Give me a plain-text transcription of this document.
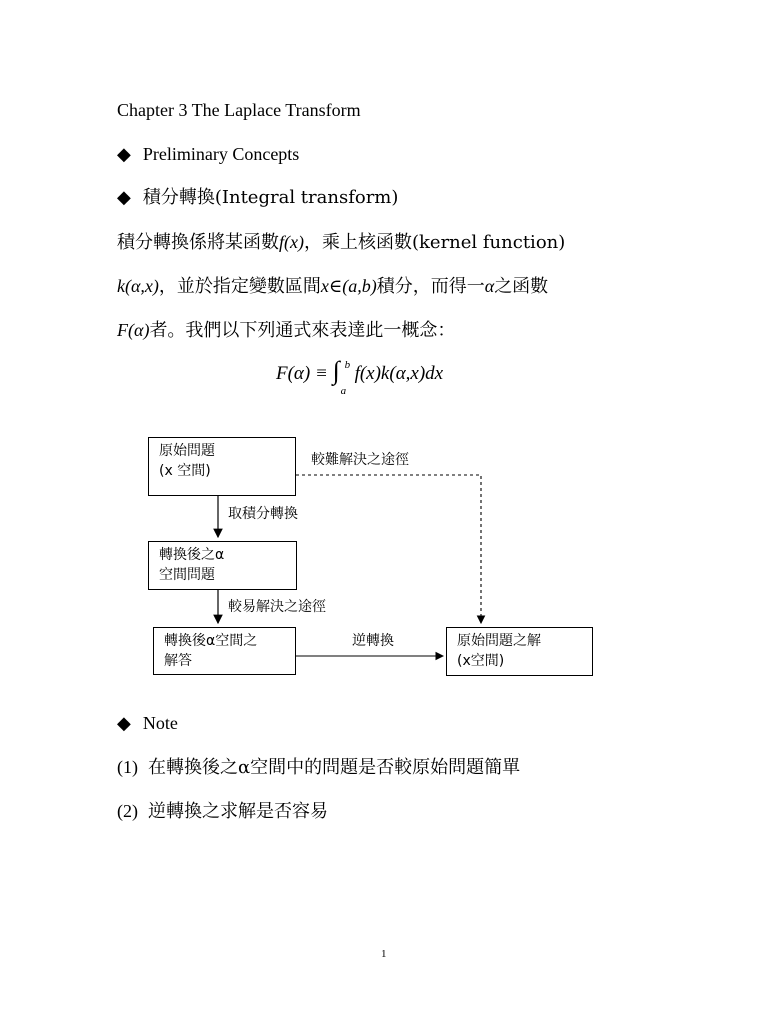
Chapter 3 The Laplace Transform
◆ Preliminary Concepts
◆ 積分轉換(Integral transform)
積分轉換係將某函數f(x)，乘上核函數(kernel function)
k(α,x)，並於指定變數區間x∈(a,b)積分，而得一α之函數
F(α)者。我們以下列通式來表達此一概念：
F(α) ≡ ∫ b
a
f(x)k(α,x)dx
原始問題
(x 空間)
轉換後之α
空間問題
轉換後α空間之
解答
原始問題之解
(x空間)
取積分轉換
較難解決之途徑
較易解決之途徑
逆轉換
◆ Note
(1) 在轉換後之α空間中的問題是否較原始問題簡單
(2) 逆轉換之求解是否容易
1
